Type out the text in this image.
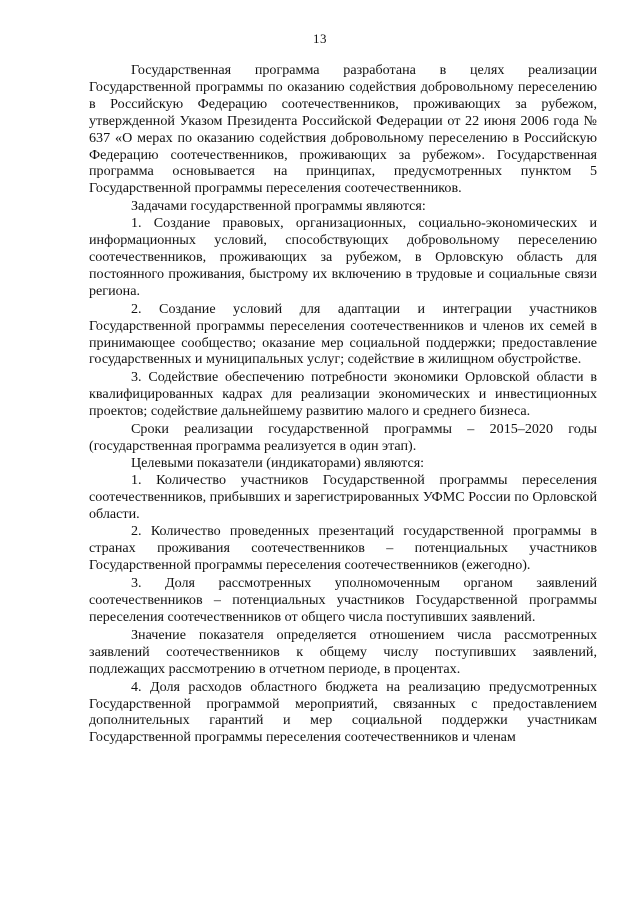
13

Государственная программа разработана в целях реализации Государственной программы по оказанию содействия добровольному переселению в Российскую Федерацию соотечественников, проживающих за рубежом, утвержденной Указом Президента Российской Федерации от 22 июня 2006 года № 637 «О мерах по оказанию содействия добровольному переселению в Российскую Федерацию соотечественников, проживающих за рубежом». Государственная программа основывается на принципах, предусмотренных пунктом 5 Государственной программы переселения соотечественников.

Задачами государственной программы являются:

1. Создание правовых, организационных, социально-экономических и информационных условий, способствующих добровольному переселению соотечественников, проживающих за рубежом, в Орловскую область для постоянного проживания, быстрому их включению в трудовые и социальные связи региона.

2. Создание условий для адаптации и интеграции участников Государственной программы переселения соотечественников и членов их семей в принимающее сообщество; оказание мер социальной поддержки; предоставление государственных и муниципальных услуг; содействие в жилищном обустройстве.

3. Содействие обеспечению потребности экономики Орловской области в квалифицированных кадрах для реализации экономических и инвестиционных проектов; содействие дальнейшему развитию малого и среднего бизнеса.

Сроки реализации государственной программы – 2015–2020 годы (государственная программа реализуется в один этап).

Целевыми показатели (индикаторами) являются:

1. Количество участников Государственной программы переселения соотечественников, прибывших и зарегистрированных УФМС России по Орловской области.

2. Количество проведенных презентаций государственной программы в странах проживания соотечественников – потенциальных участников Государственной программы переселения соотечественников (ежегодно).

3. Доля рассмотренных уполномоченным органом заявлений соотечественников – потенциальных участников Государственной программы переселения соотечественников от общего числа поступивших заявлений.

Значение показателя определяется отношением числа рассмотренных заявлений соотечественников к общему числу поступивших заявлений, подлежащих рассмотрению в отчетном периоде, в процентах.

4. Доля расходов областного бюджета на реализацию предусмотренных Государственной программой мероприятий, связанных с предоставлением дополнительных гарантий и мер социальной поддержки участникам Государственной программы переселения соотечественников и членам
